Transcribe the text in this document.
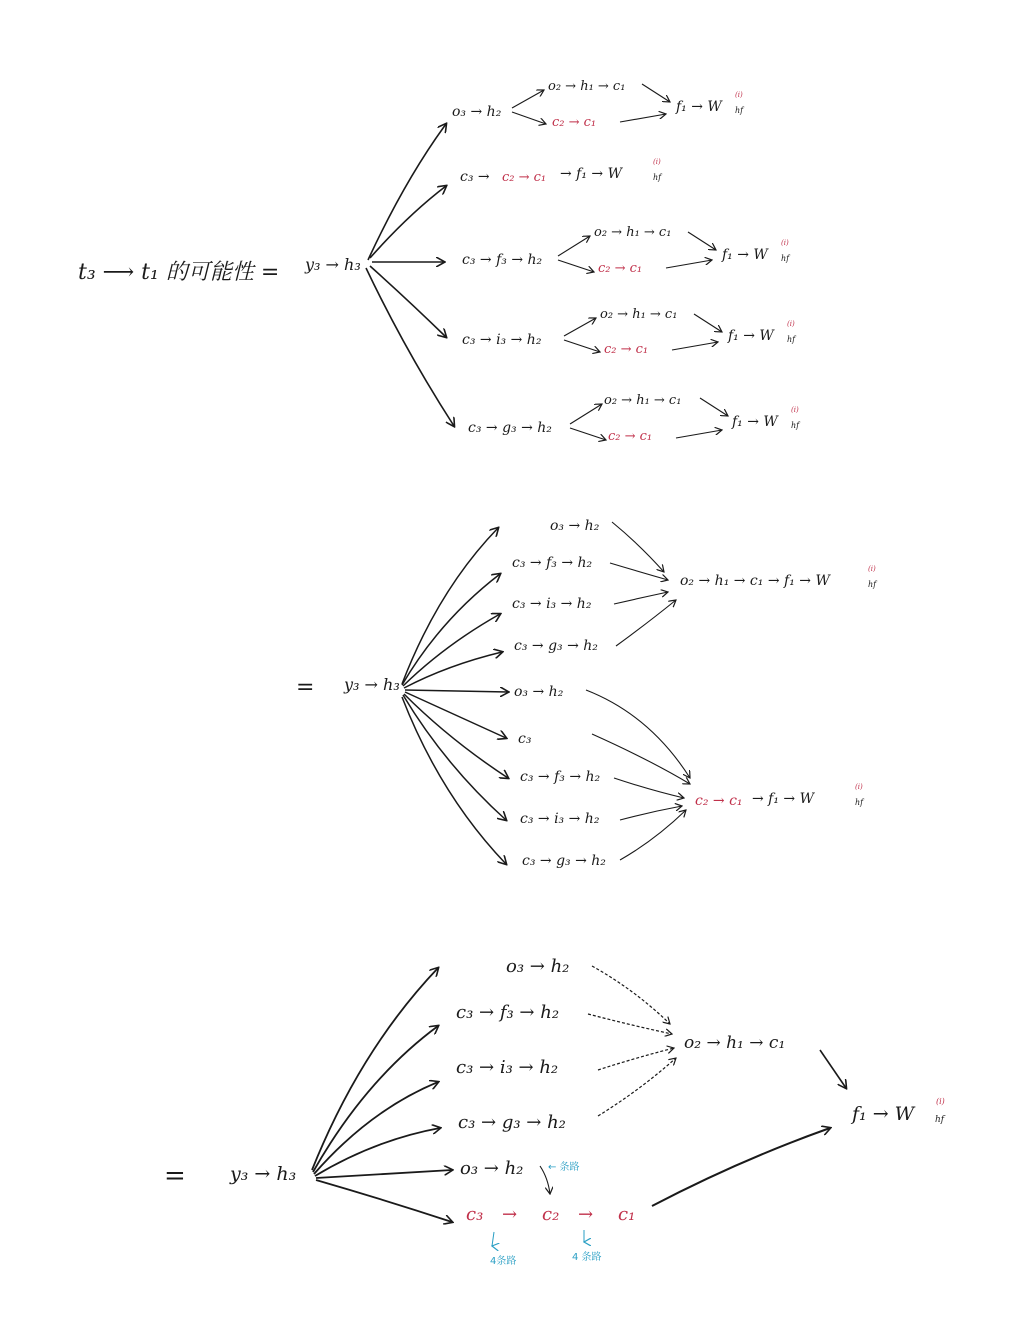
t₃ ⟶ t₁ 的可能性 = y₃ → h₃
o₃ → h₂
o₂ → h₁ → c₁
c₂ → c₁
f₁ → W hf
(i)
c₃ → c₂ → c₁ → f₁ → W	hf
(i)
c₃ → f₃ → h₂
o₂ → h₁ → c₁
c₂ → c₁
f₁ → W hf
(i)
c₃ → i₃ → h₂
o₂ → h₁ → c₁
c₂ → c₁
f₁ → W hf
(i)
c₃ → g₃ → h₂
o₂ → h₁ → c₁
c₂ → c₁
f₁ → W hf
(i)
= y₃ → h₃
o₃ → h₂
c₃ → f₃ → h₂
c₃ → i₃ → h₂
c₃ → g₃ → h₂
o₃ → h₂
c₃
c₃ → f₃ → h₂
c₃ → i₃ → h₂
c₃ → g₃ → h₂
o₂ → h₁ → c₁ → f₁ → W	hf
(i)
c₂ → c₁ → f₁ → W	hf
(i)
= y₃ → h₃
o₃ → h₂
c₃ → f₃ → h₂
c₃ → i₃ → h₂
c₃ → g₃ → h₂
o₃ → h₂
c₃ → c₂ → c₁
o₂ → h₁ → c₁
f₁ → W hf
(i)
← 条路
4条路	4 条路
